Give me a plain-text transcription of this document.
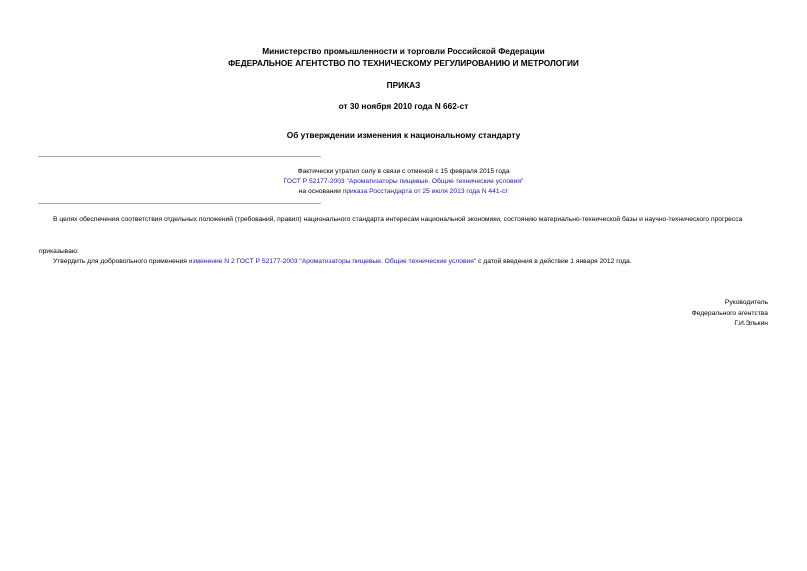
Министерство промышленности и торговли Российской Федерации
ФЕДЕРАЛЬНОЕ АГЕНТСТВО ПО ТЕХНИЧЕСКОМУ РЕГУЛИРОВАНИЮ И МЕТРОЛОГИИ
ПРИКАЗ
от 30 ноября 2010 года N 662-ст
Об утверждении изменения к национальному стандарту
Фактически утратил силу в связи с отменой с 15 февраля 2015 года
ГОСТ Р 52177-2003 "Ароматизаторы пищевые. Общие технические условия"
на основании приказа Росстандарта от 25 июля 2013 года N 441-ст
В целях обеспечения соответствия отдельных положений (требований, правил) национального стандарта интересам национальной экономики, состоянию материально-технической базы и научно-технического прогресса
приказываю:
Утвердить для добровольного применения изменение N 2 ГОСТ Р 52177-2003 "Ароматизаторы пищевые. Общие технические условия" с датой введения в действие 1 января 2012 года.
Руководитель
Федерального агентства
Г.И.Элькин
